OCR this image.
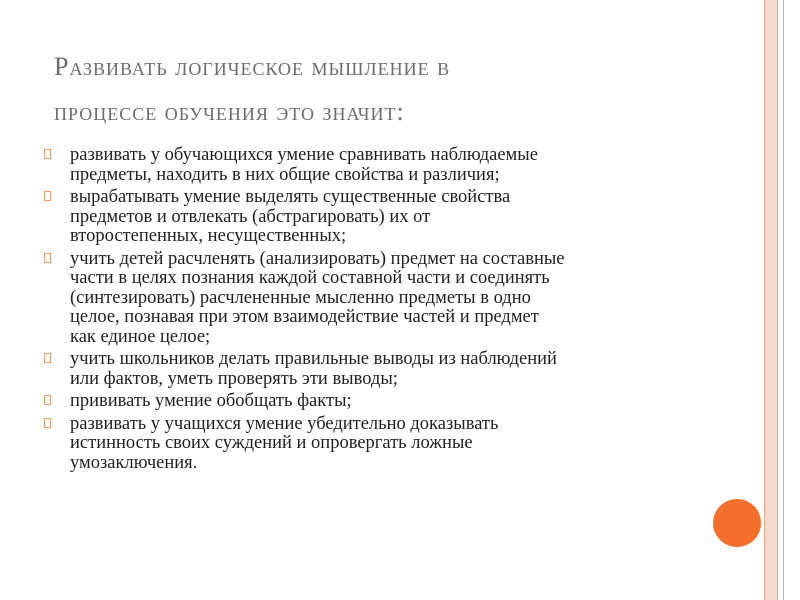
Развивать логическое мышление в
процессе обучения это значит:
развивать у обучающихся умение сравнивать наблюдаемые
предметы, находить в них общие свойства и различия;
вырабатывать умение выделять существенные свойства
предметов и отвлекать (абстрагировать) их от
второстепенных, несущественных;
учить детей расчленять (анализировать) предмет на составные
части в целях познания каждой составной части и соединять
(синтезировать) расчлененные мысленно предметы в одно
целое, познавая при этом взаимодействие частей и предмет
как единое целое;
учить школьников делать правильные выводы из наблюдений
или фактов, уметь проверять эти выводы;
прививать умение обобщать факты;
развивать у учащихся умение убедительно доказывать
истинность своих суждений и опровергать ложные
умозаключения.
